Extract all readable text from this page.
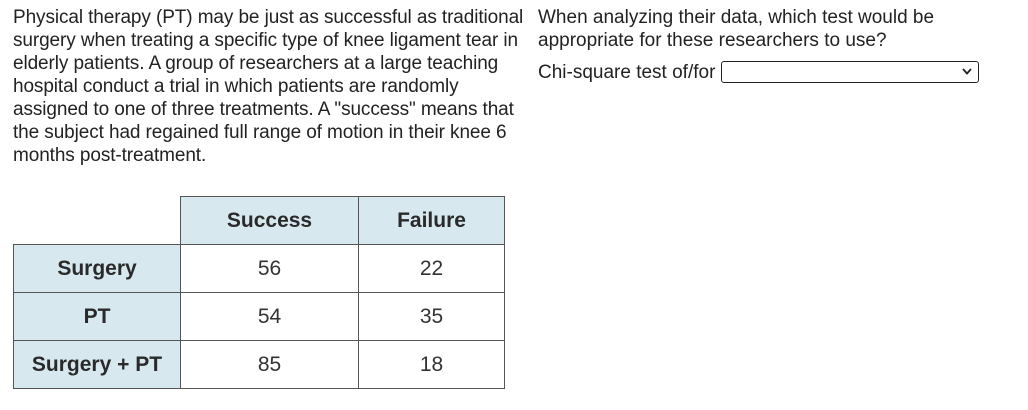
Physical therapy (PT) may be just as successful as traditional surgery when treating a specific type of knee ligament tear in elderly patients. A group of researchers at a large teaching hospital conduct a trial in which patients are randomly assigned to one of three treatments. A "success" means that the subject had regained full range of motion in their knee 6 months post-treatment.

When analyzing their data, which test would be appropriate for these researchers to use?

Chi-square test of/for
	Success	Failure
Surgery	56	22
PT	54	35
Surgery + PT	85	18
